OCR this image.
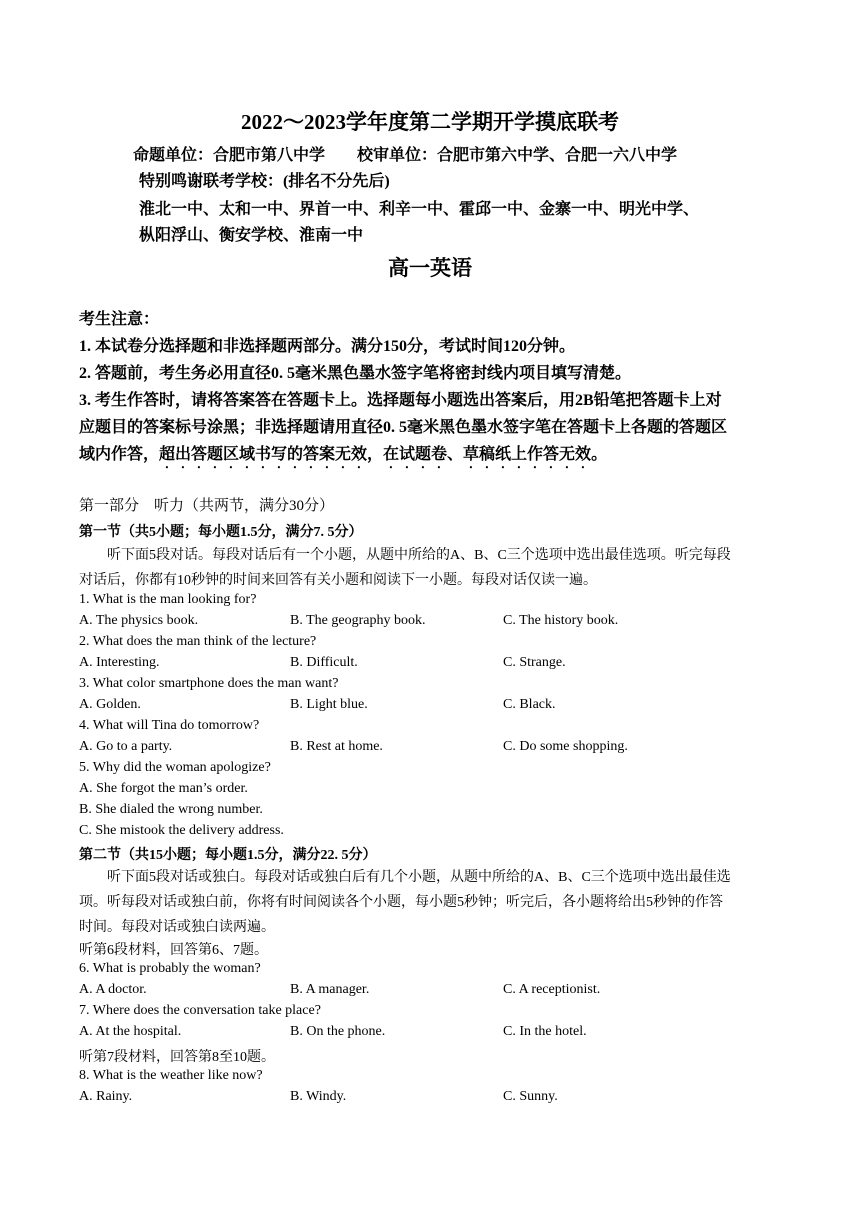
2022～2023学年度第二学期开学摸底联考
命题单位：合肥市第八中学　　校审单位：合肥市第六中学、合肥一六八中学
特别鸣谢联考学校：(排名不分先后)
淮北一中、太和一中、界首一中、利辛一中、霍邱一中、金寨一中、明光中学、
枞阳浮山、衡安学校、淮南一中
高一英语
考生注意：
1. 本试卷分选择题和非选择题两部分。满分150分，考试时间120分钟。
2. 答题前，考生务必用直径0. 5毫米黑色墨水签字笔将密封线内项目填写清楚。
3. 考生作答时，请将答案答在答题卡上。选择题每小题选出答案后，用2B铅笔把答题卡上对
应题目的答案标号涂黑；非选择题请用直径0. 5毫米黑色墨水签字笔在答题卡上各题的答题区
域内作答，超出答题区域书写的答案无效，在试题卷、草稿纸上作答无效。
第一部分　听力（共两节，满分30分）
第一节（共5小题；每小题1.5分，满分7. 5分）
听下面5段对话。每段对话后有一个小题，从题中所给的A、B、C三个选项中选出最佳选项。听完每段
对话后，你都有10秒钟的时间来回答有关小题和阅读下一小题。每段对话仅读一遍。
1. What is the man looking for?
A. The physics book.	B. The geography book.	C. The history book.
2. What does the man think of the lecture?
A. Interesting.	B. Difficult.	C. Strange.
3. What color smartphone does the man want?
A. Golden.	B. Light blue.	C. Black.
4. What will Tina do tomorrow?
A. Go to a party.	B. Rest at home.	C. Do some shopping.
5. Why did the woman apologize?
A. She forgot the man’s order.
B. She dialed the wrong number.
C. She mistook the delivery address.
第二节（共15小题；每小题1.5分，满分22. 5分）
听下面5段对话或独白。每段对话或独白后有几个小题，从题中所给的A、B、C三个选项中选出最佳选
项。听每段对话或独白前，你将有时间阅读各个小题，每小题5秒钟；听完后，各小题将给出5秒钟的作答
时间。每段对话或独白读两遍。
听第6段材料，回答第6、7题。
6. What is probably the woman?
A. A doctor.	B. A manager.	C. A receptionist.
7. Where does the conversation take place?
A. At the hospital.	B. On the phone.	C. In the hotel.
听第7段材料，回答第8至10题。
8. What is the weather like now?
A. Rainy.	B. Windy.	C. Sunny.
